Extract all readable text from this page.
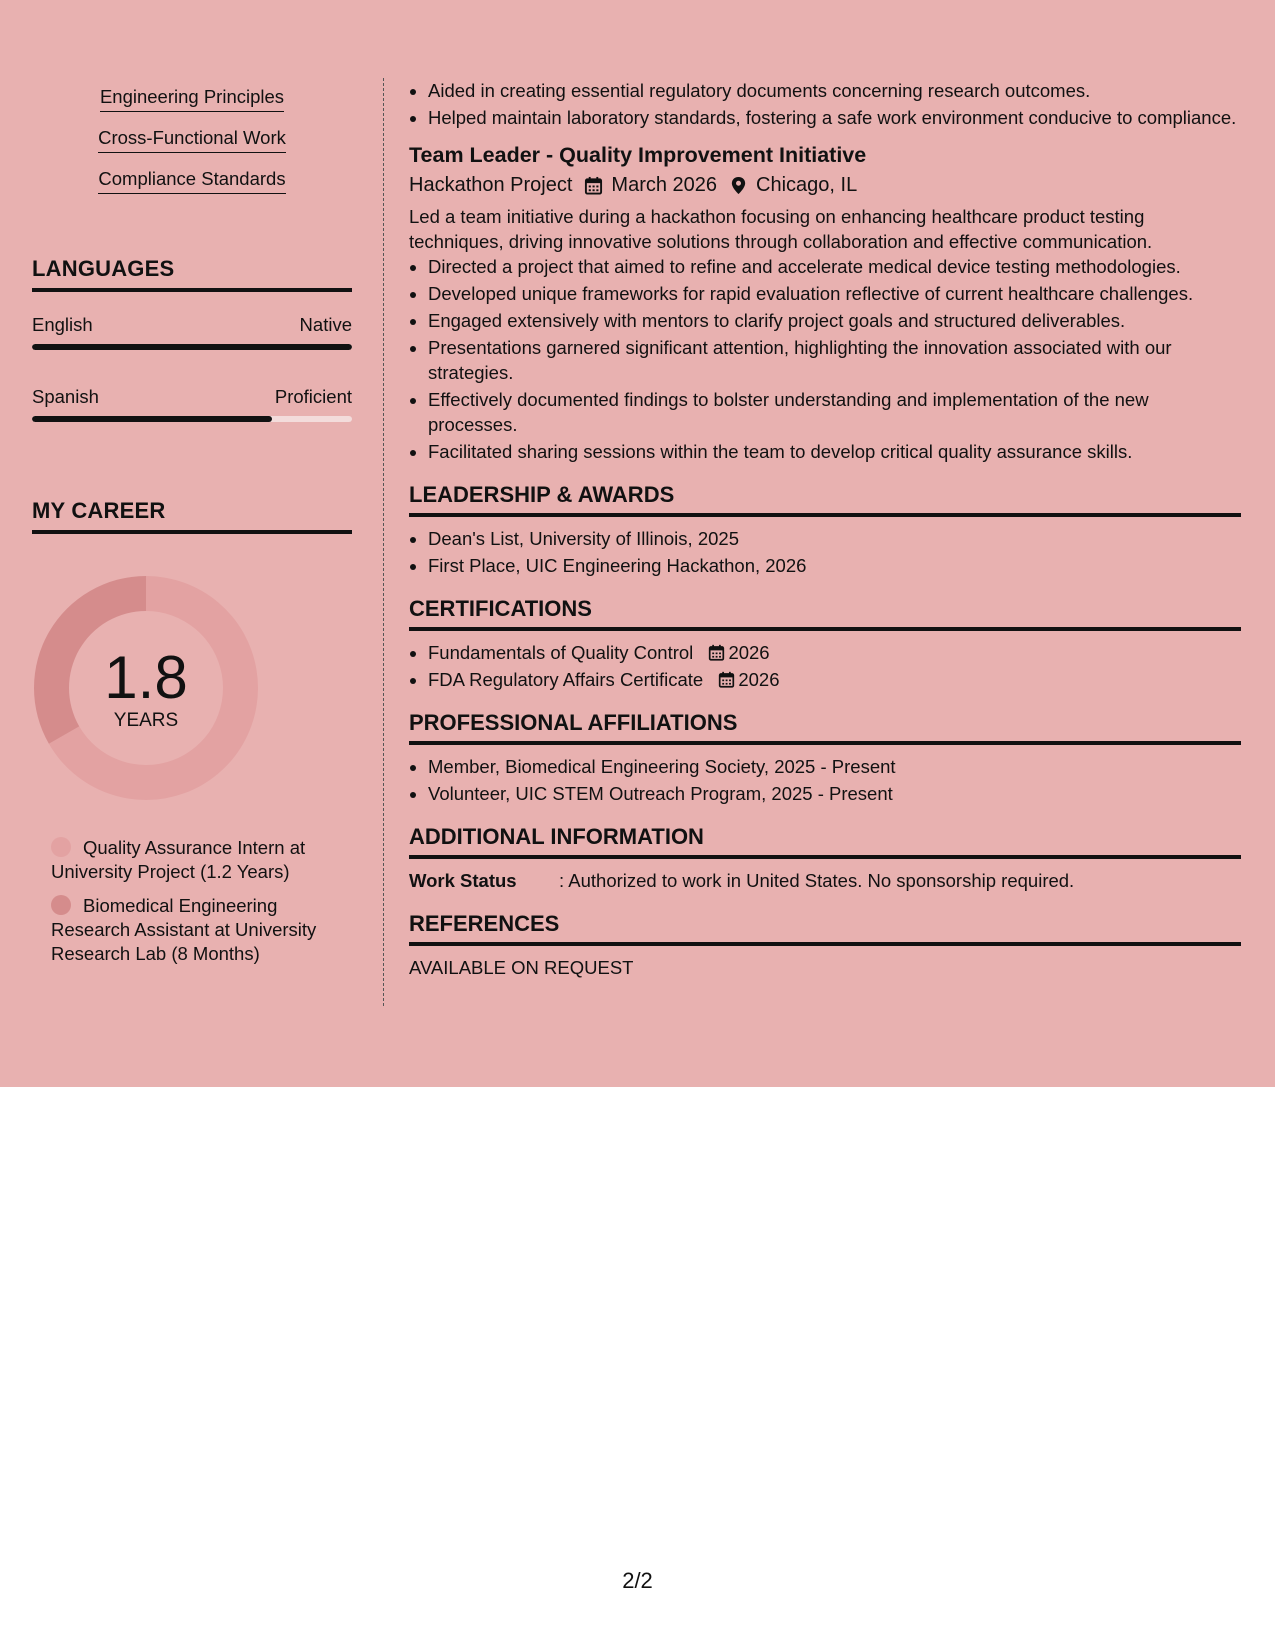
Engineering Principles
Cross-Functional Work
Compliance Standards
LANGUAGES
English	Native
Spanish	Proficient
MY CAREER
1.8
YEARS
Quality Assurance Intern at University Project (1.2 Years)
Biomedical Engineering Research Assistant at University Research Lab (8 Months)
• Aided in creating essential regulatory documents concerning research outcomes.
• Helped maintain laboratory standards, fostering a safe work environment conducive to compliance.
Team Leader - Quality Improvement Initiative
Hackathon Project March 2026 Chicago, IL
Led a team initiative during a hackathon focusing on enhancing healthcare product testing techniques, driving innovative solutions through collaboration and effective communication.
• Directed a project that aimed to refine and accelerate medical device testing methodologies.
• Developed unique frameworks for rapid evaluation reflective of current healthcare challenges.
• Engaged extensively with mentors to clarify project goals and structured deliverables.
• Presentations garnered significant attention, highlighting the innovation associated with our strategies.
• Effectively documented findings to bolster understanding and implementation of the new processes.
• Facilitated sharing sessions within the team to develop critical quality assurance skills.
LEADERSHIP & AWARDS
• Dean's List, University of Illinois, 2025
• First Place, UIC Engineering Hackathon, 2026
CERTIFICATIONS
• Fundamentals of Quality Control 2026
• FDA Regulatory Affairs Certificate 2026
PROFESSIONAL AFFILIATIONS
• Member, Biomedical Engineering Society, 2025 - Present
• Volunteer, UIC STEM Outreach Program, 2025 - Present
ADDITIONAL INFORMATION
Work Status	: Authorized to work in United States. No sponsorship required.
REFERENCES
AVAILABLE ON REQUEST
2/2
